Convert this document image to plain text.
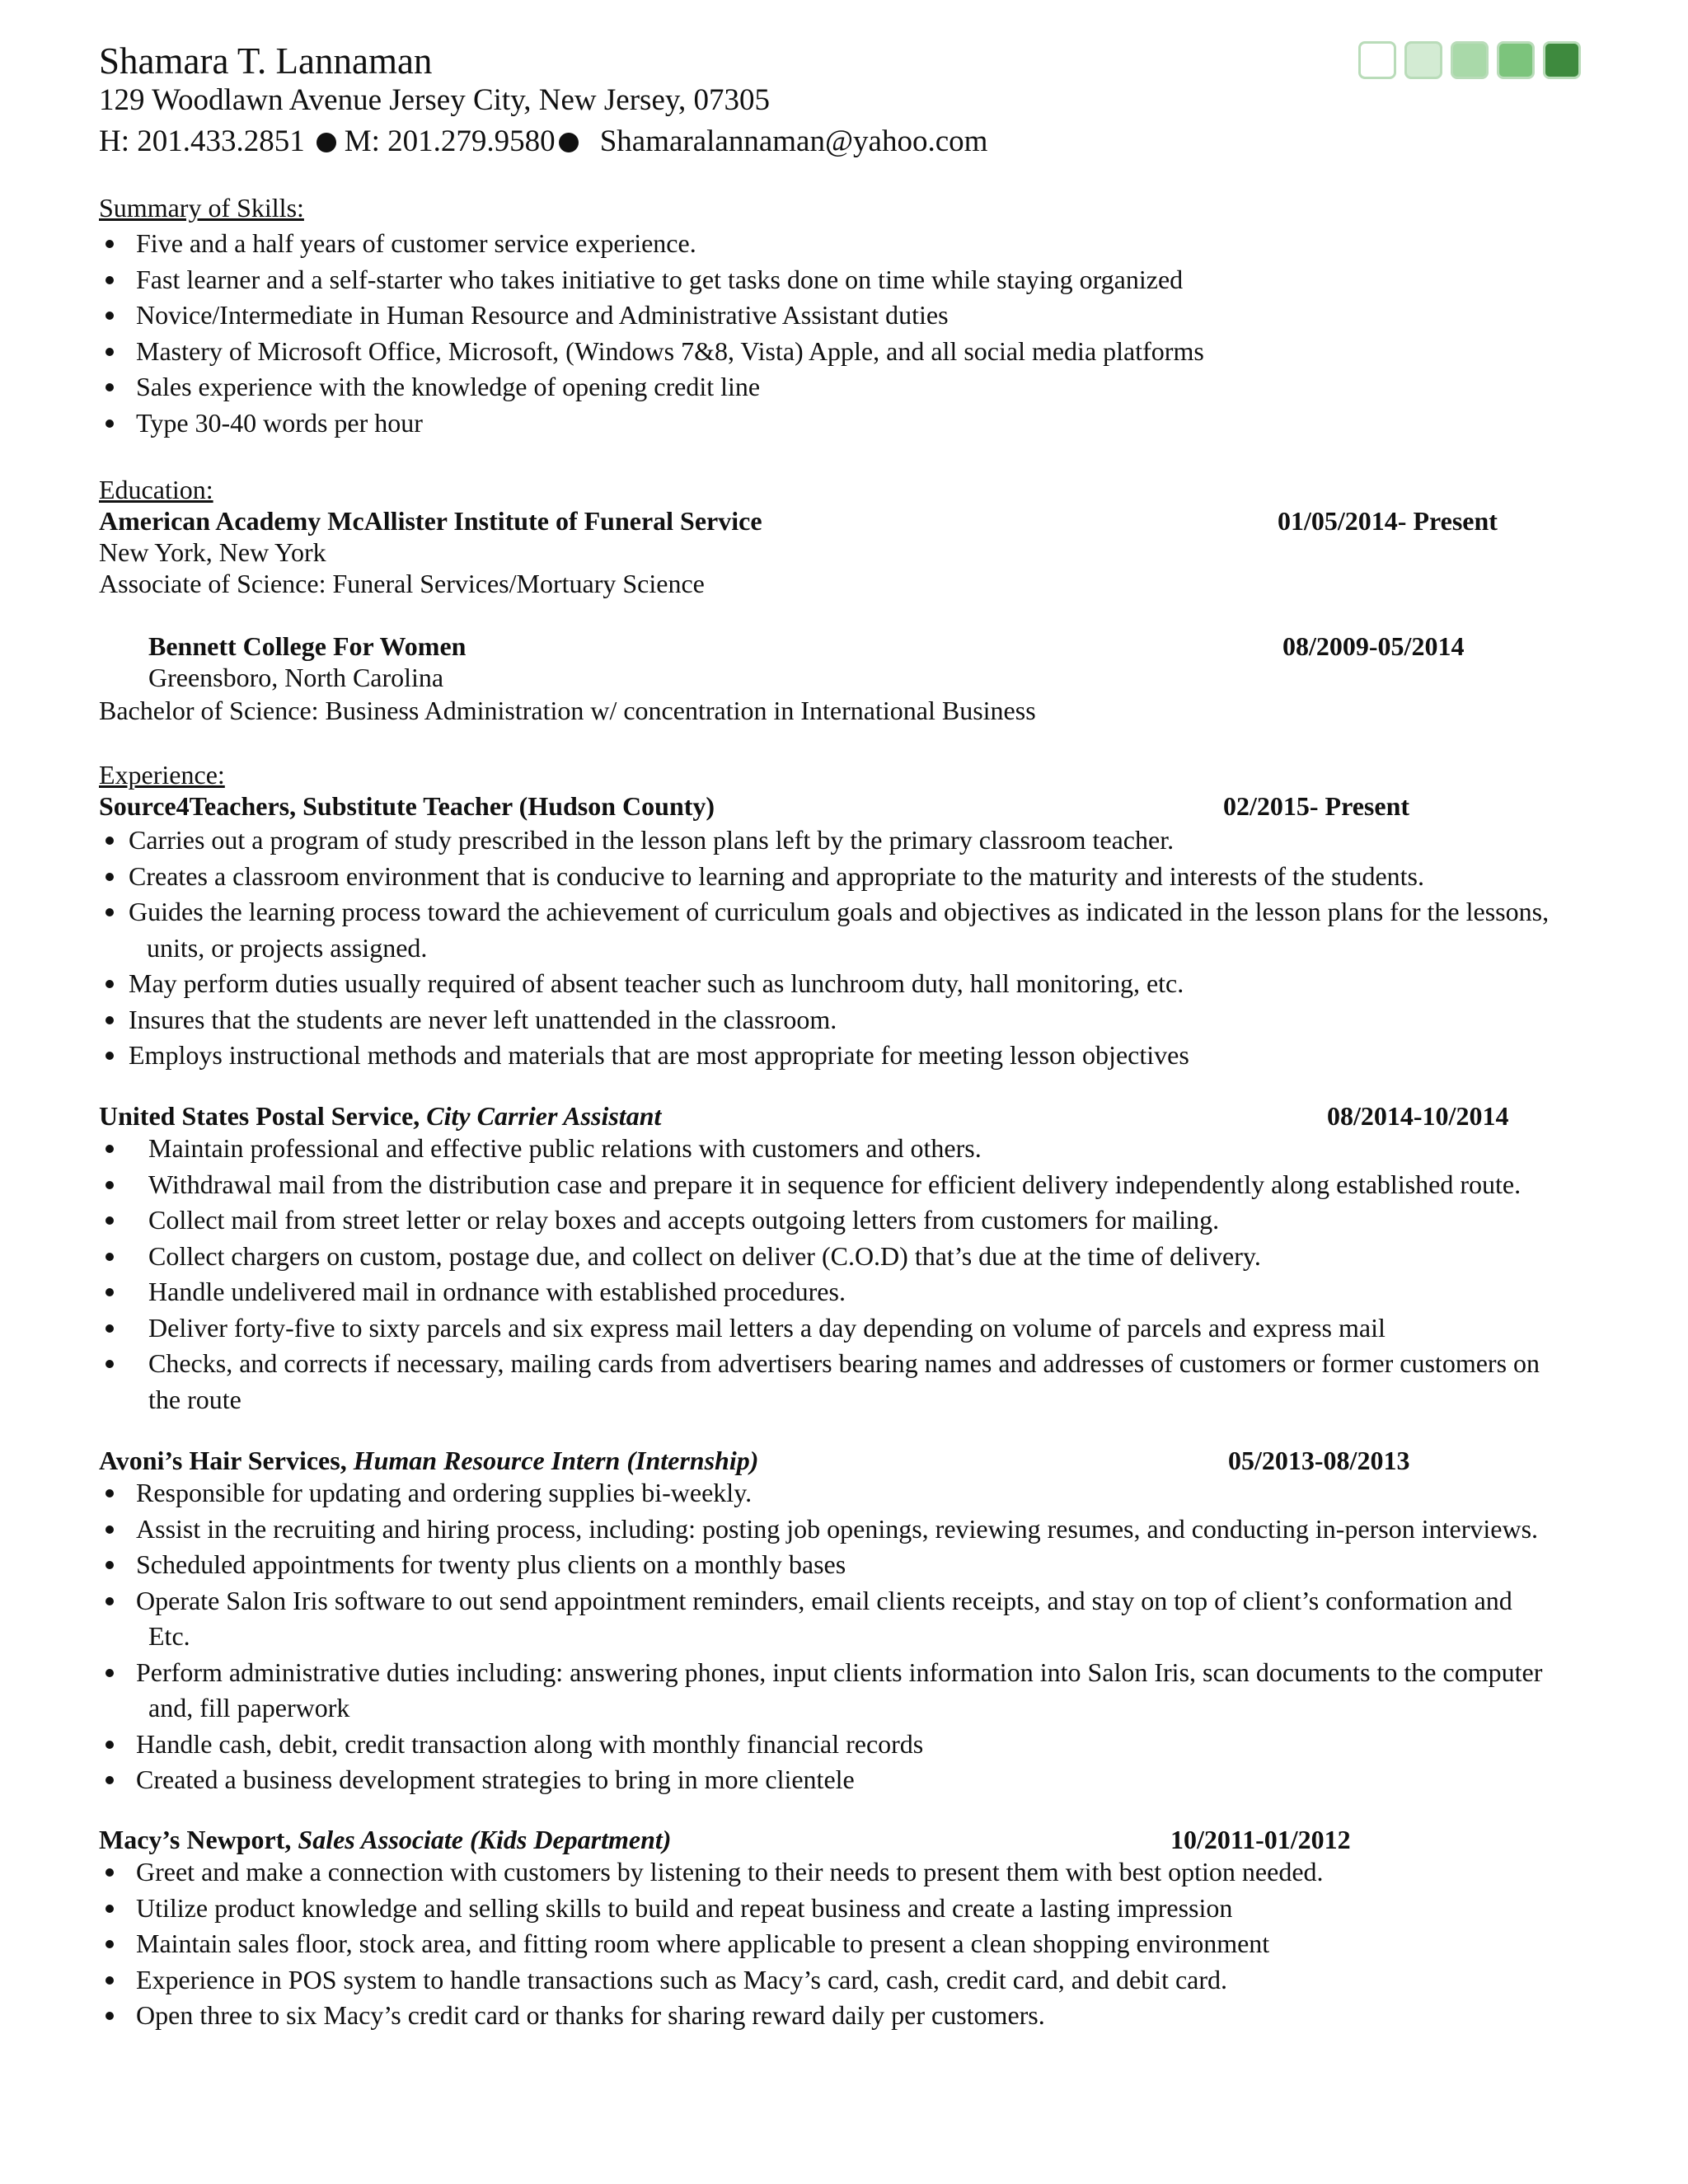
Shamara T. Lannaman
129 Woodlawn Avenue Jersey City, New Jersey, 07305
H: 201.433.2851 M: 201.279.9580 Shamaralannaman@yahoo.com
Summary of Skills:
Five and a half years of customer service experience.
Fast learner and a self-starter who takes initiative to get tasks done on time while staying organized
Novice/Intermediate in Human Resource and Administrative Assistant duties
Mastery of Microsoft Office, Microsoft, (Windows 7&8, Vista) Apple, and all social media platforms
Sales experience with the knowledge of opening credit line
Type 30-40 words per hour
Education:
American Academy McAllister Institute of Funeral Service	01/05/2014- Present
New York, New York
Associate of Science: Funeral Services/Mortuary Science
Bennett College For Women	08/2009-05/2014
Greensboro, North Carolina
Bachelor of Science: Business Administration w/ concentration in International Business
Experience:
Source4Teachers, Substitute Teacher (Hudson County)	02/2015- Present
Carries out a program of study prescribed in the lesson plans left by the primary classroom teacher.
Creates a classroom environment that is conducive to learning and appropriate to the maturity and interests of the students.
Guides the learning process toward the achievement of curriculum goals and objectives as indicated in the lesson plans for the lessons,
units, or projects assigned.
May perform duties usually required of absent teacher such as lunchroom duty, hall monitoring, etc.
Insures that the students are never left unattended in the classroom.
Employs instructional methods and materials that are most appropriate for meeting lesson objectives
United States Postal Service, City Carrier Assistant	08/2014-10/2014
Maintain professional and effective public relations with customers and others.
Withdrawal mail from the distribution case and prepare it in sequence for efficient delivery independently along established route.
Collect mail from street letter or relay boxes and accepts outgoing letters from customers for mailing.
Collect chargers on custom, postage due, and collect on deliver (C.O.D) that’s due at the time of delivery.
Handle undelivered mail in ordnance with established procedures.
Deliver forty-five to sixty parcels and six express mail letters a day depending on volume of parcels and express mail
Checks, and corrects if necessary, mailing cards from advertisers bearing names and addresses of customers or former customers on
the route
Avoni’s Hair Services, Human Resource Intern (Internship)	05/2013-08/2013
Responsible for updating and ordering supplies bi-weekly.
Assist in the recruiting and hiring process, including: posting job openings, reviewing resumes, and conducting in-person interviews.
Scheduled appointments for twenty plus clients on a monthly bases
Operate Salon Iris software to out send appointment reminders, email clients receipts, and stay on top of client’s conformation and
Etc.
Perform administrative duties including: answering phones, input clients information into Salon Iris, scan documents to the computer
and, fill paperwork
Handle cash, debit, credit transaction along with monthly financial records
Created a business development strategies to bring in more clientele
Macy’s Newport, Sales Associate (Kids Department)	10/2011-01/2012
Greet and make a connection with customers by listening to their needs to present them with best option needed.
Utilize product knowledge and selling skills to build and repeat business and create a lasting impression
Maintain sales floor, stock area, and fitting room where applicable to present a clean shopping environment
Experience in POS system to handle transactions such as Macy’s card, cash, credit card, and debit card.
Open three to six Macy’s credit card or thanks for sharing reward daily per customers.
